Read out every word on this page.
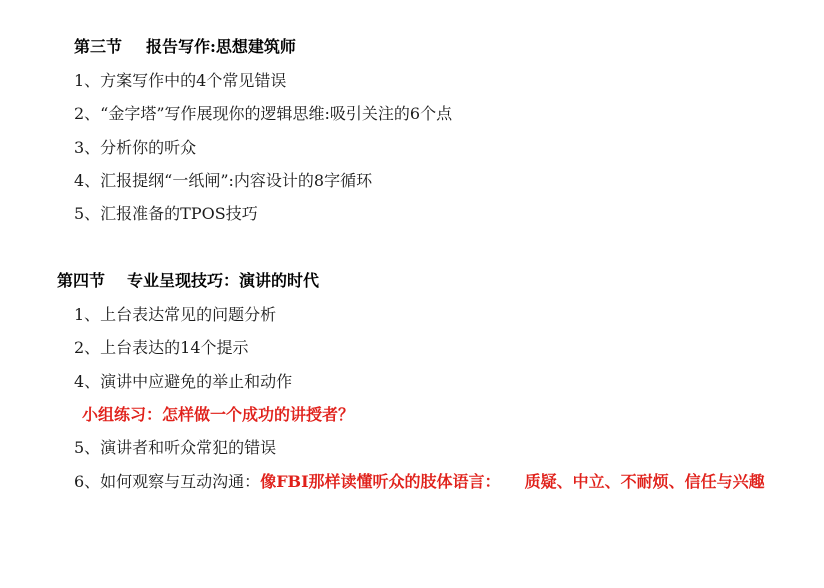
第三节 报告写作:思想建筑师
1、方案写作中的4个常见错误
2、“金字塔”写作展现你的逻辑思维:吸引关注的6个点
3、分析你的听众
4、汇报提纲“一纸闸”:内容设计的8字循环
5、汇报准备的TPOS技巧
第四节 专业呈现技巧：演讲的时代
1、上台表达常见的问题分析
2、上台表达的14个提示
4、演讲中应避免的举止和动作
小组练习：怎样做一个成功的讲授者？
5、演讲者和听众常犯的错误
6、如何观察与互动沟通：像FBI那样读懂听众的肢体语言： 质疑、中立、不耐烦、信任与兴趣
